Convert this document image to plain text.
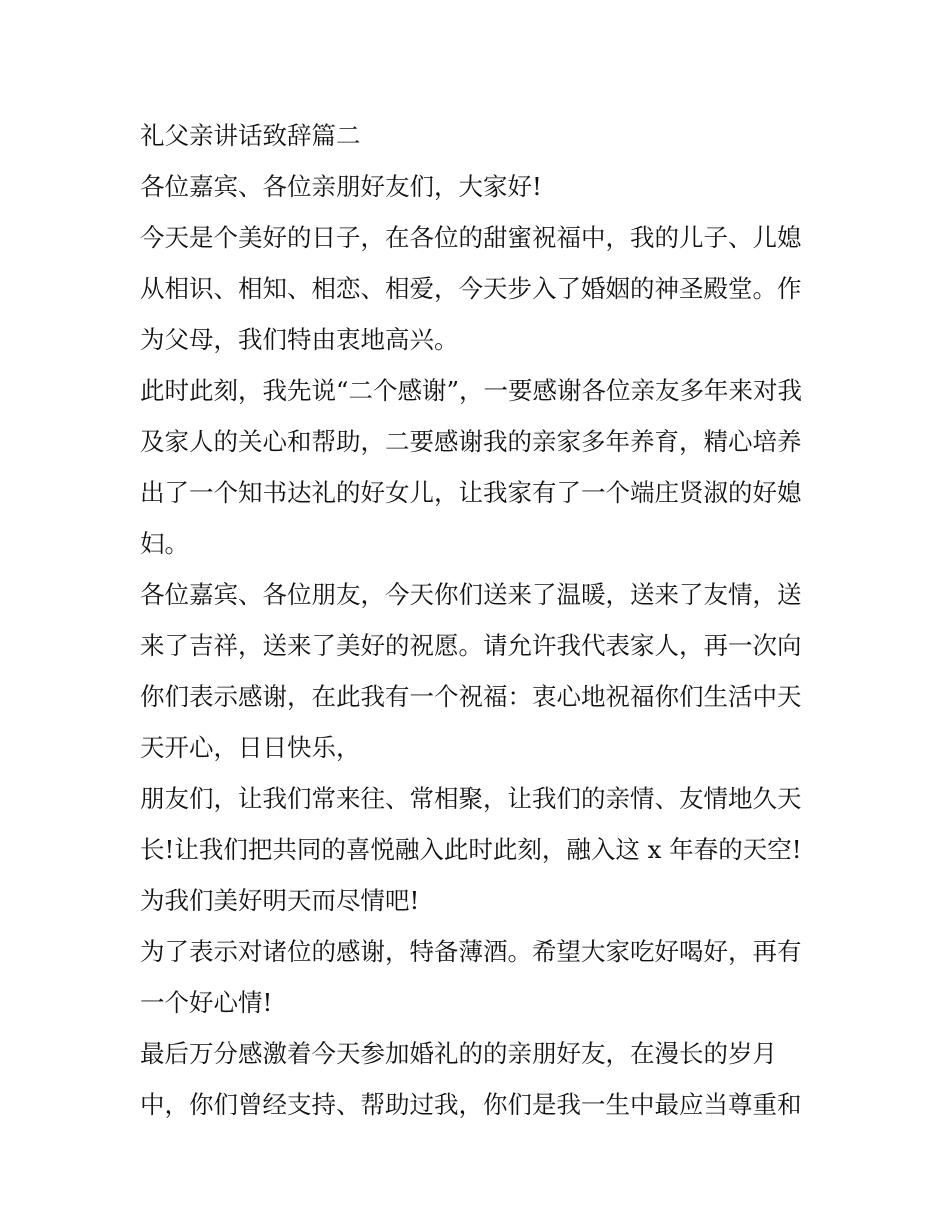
礼父亲讲话致辞篇二
各位嘉宾、各位亲朋好友们，大家好!
今天是个美好的日子，在各位的甜蜜祝福中，我的儿子、儿媳
从相识、相知、相恋、相爱，今天步入了婚姻的神圣殿堂。作
为父母，我们特由衷地高兴。
此时此刻，我先说“二个感谢”，一要感谢各位亲友多年来对我
及家人的关心和帮助，二要感谢我的亲家多年养育，精心培养
出了一个知书达礼的好女儿，让我家有了一个端庄贤淑的好媳
妇。
各位嘉宾、各位朋友，今天你们送来了温暖，送来了友情，送
来了吉祥，送来了美好的祝愿。请允许我代表家人，再一次向
你们表示感谢，在此我有一个祝福：衷心地祝福你们生活中天
天开心，日日快乐，
朋友们，让我们常来往、常相聚，让我们的亲情、友情地久天
长!让我们把共同的喜悦融入此时此刻，融入这 x 年春的天空!
为我们美好明天而尽情吧!
为了表示对诸位的感谢，特备薄酒。希望大家吃好喝好，再有
一个好心情!
最后万分感激着今天参加婚礼的的亲朋好友，在漫长的岁月
中，你们曾经支持、帮助过我，你们是我一生中最应当尊重和
